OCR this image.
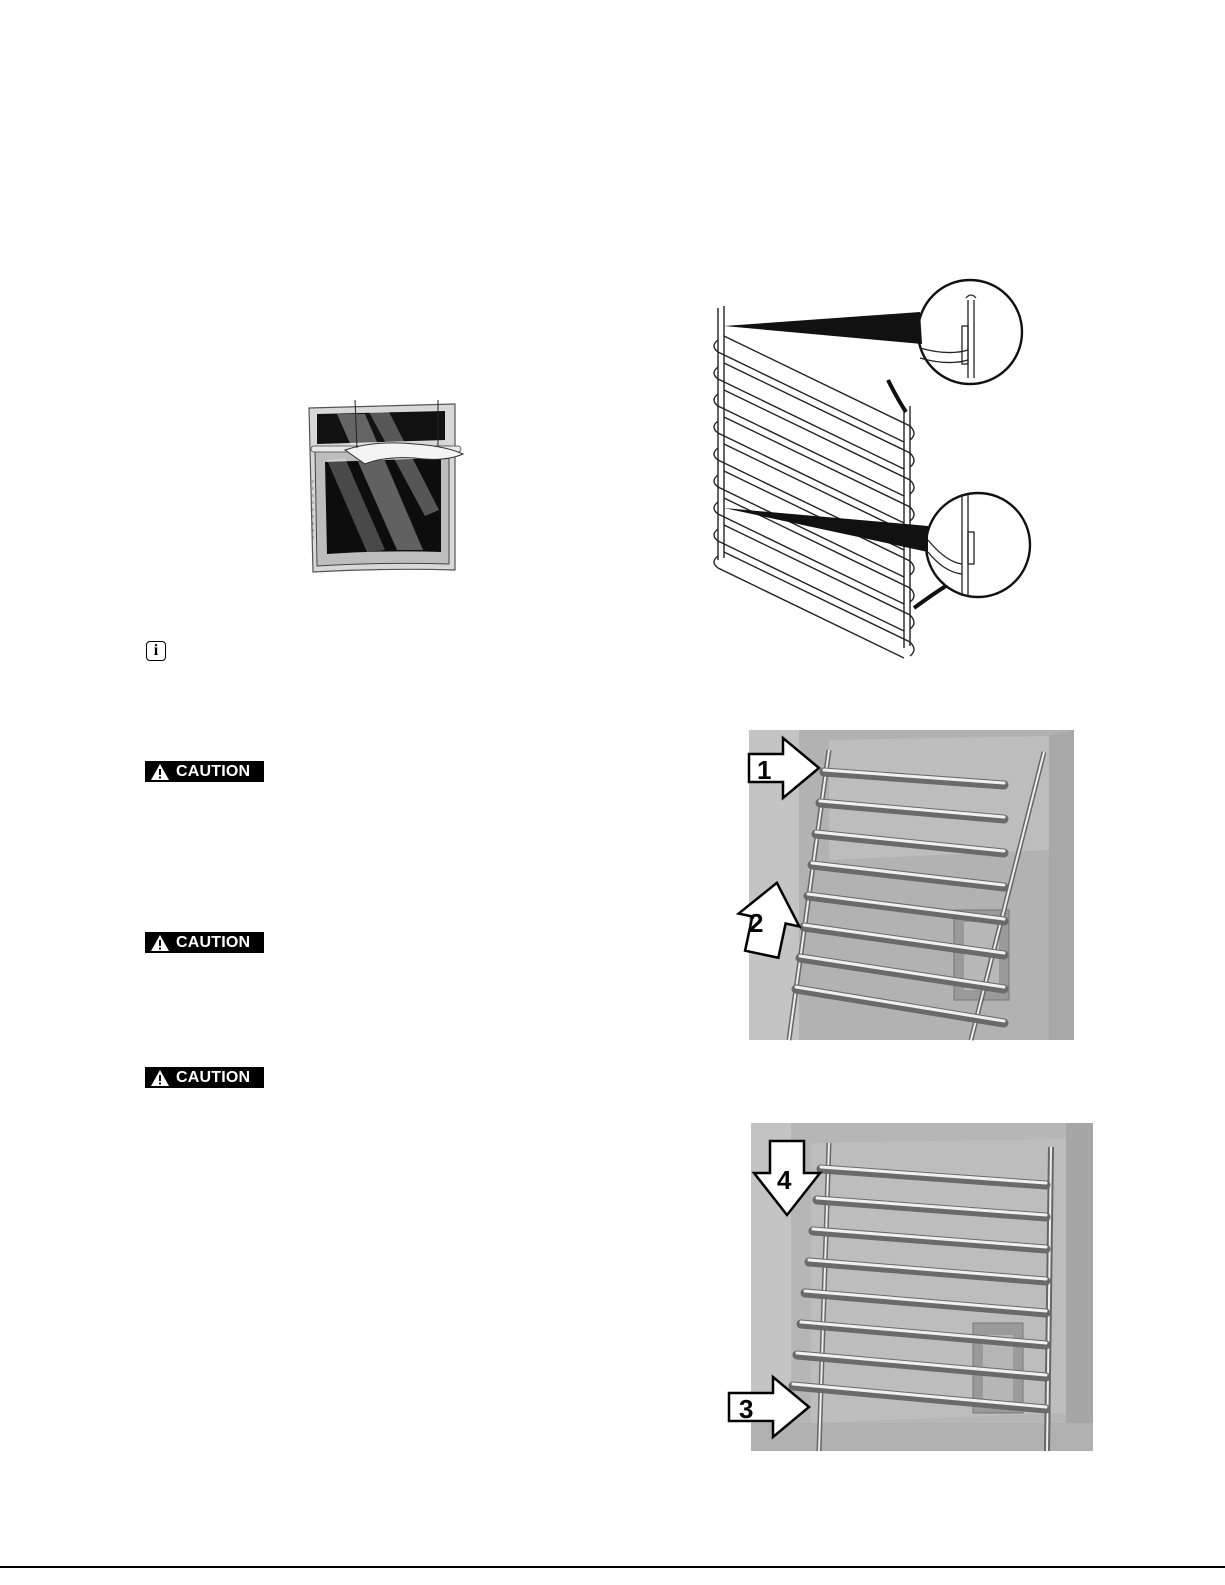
i
CAUTION
CAUTION
CAUTION
1
2
4
3
